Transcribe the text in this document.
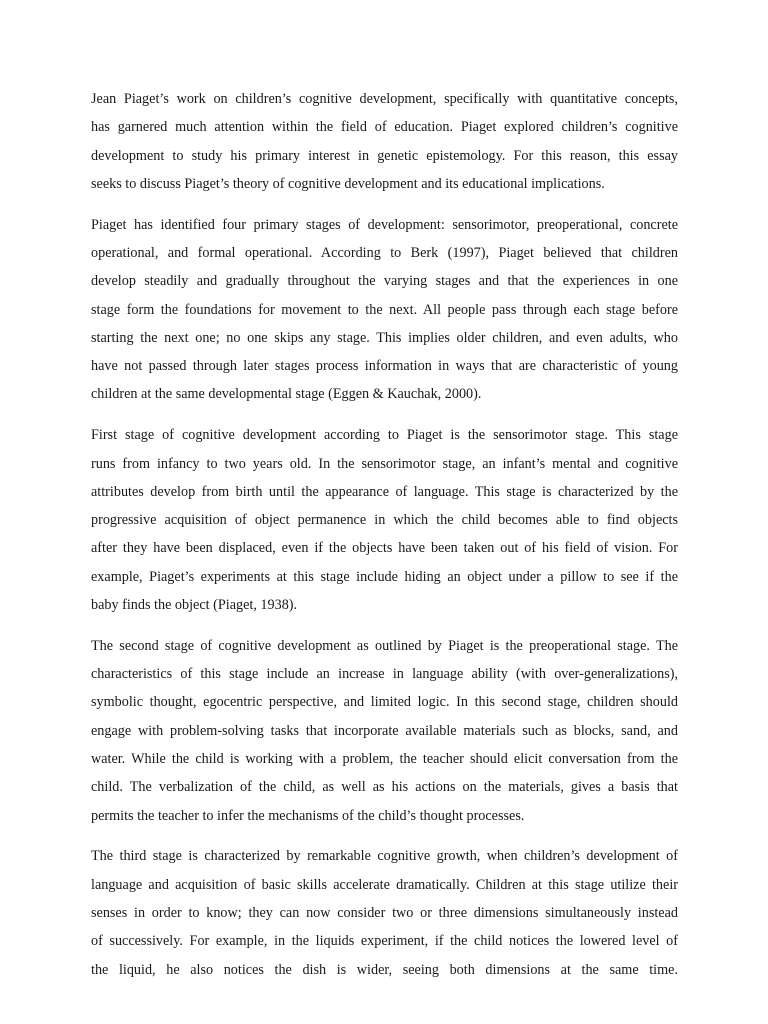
Jean Piaget’s work on children’s cognitive development, specifically with quantitative concepts,
has garnered much attention within the field of education. Piaget explored children’s cognitive
development to study his primary interest in genetic epistemology. For this reason, this essay
seeks to discuss Piaget’s theory of cognitive development and its educational implications.
Piaget has identified four primary stages of development: sensorimotor, preoperational, concrete
operational, and formal operational. According to Berk (1997), Piaget believed that children
develop steadily and gradually throughout the varying stages and that the experiences in one
stage form the foundations for movement to the next. All people pass through each stage before
starting the next one; no one skips any stage. This implies older children, and even adults, who
have not passed through later stages process information in ways that are characteristic of young
children at the same developmental stage (Eggen & Kauchak, 2000).
First stage of cognitive development according to Piaget is the sensorimotor stage. This stage
runs from infancy to two years old. In the sensorimotor stage, an infant’s mental and cognitive
attributes develop from birth until the appearance of language. This stage is characterized by the
progressive acquisition of object permanence in which the child becomes able to find objects
after they have been displaced, even if the objects have been taken out of his field of vision. For
example, Piaget’s experiments at this stage include hiding an object under a pillow to see if the
baby finds the object (Piaget, 1938).
The second stage of cognitive development as outlined by Piaget is the preoperational stage. The
characteristics of this stage include an increase in language ability (with over-generalizations),
symbolic thought, egocentric perspective, and limited logic. In this second stage, children should
engage with problem-solving tasks that incorporate available materials such as blocks, sand, and
water. While the child is working with a problem, the teacher should elicit conversation from the
child. The verbalization of the child, as well as his actions on the materials, gives a basis that
permits the teacher to infer the mechanisms of the child’s thought processes.
The third stage is characterized by remarkable cognitive growth, when children’s development of
language and acquisition of basic skills accelerate dramatically. Children at this stage utilize their
senses in order to know; they can now consider two or three dimensions simultaneously instead
of successively. For example, in the liquids experiment, if the child notices the lowered level of
the liquid, he also notices the dish is wider, seeing both dimensions at the same time.
